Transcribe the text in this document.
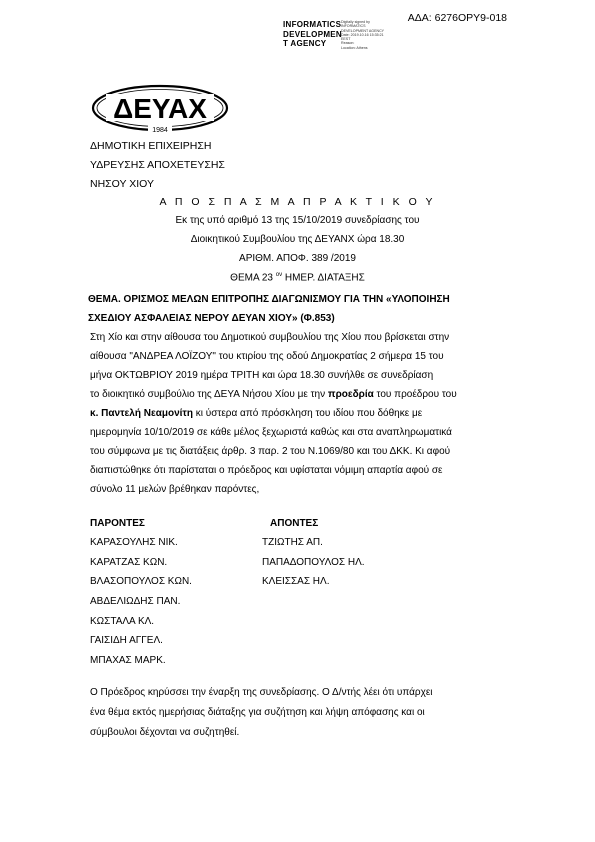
ΑΔΑ: 6276ΟΡΥ9-018
INFORMATICS
DEVELOPMEN
T AGENCY
Digitally signed by
INFORMATICS
DEVELOPMENT AGENCY
Date: 2019.10.16 15:35:21
EEST
Reason:
Location: Athens
ΔΕΥΑΧ
1984
ΔΗΜΟΤΙΚΗ ΕΠΙΧΕΙΡΗΣΗ
ΥΔΡΕΥΣΗΣ ΑΠΟΧΕΤΕΥΣΗΣ
ΝΗΣΟΥ ΧΙΟΥ
Α Π Ο Σ Π Α Σ Μ Α Π Ρ Α Κ Τ Ι Κ Ο Υ
Εκ της υπό αριθμό 13 της 15/10/2019 συνεδρίασης του
Διοικητικού Συμβουλίου της ΔΕΥΑΝΧ ώρα 18.30
ΑΡΙΘΜ. ΑΠΟΦ. 389 /2019
ΘΕΜΑ 23 $^{o\nu}$ ΗΜΕΡ. ΔΙΑΤΑΞΗΣ
ΘΕΜΑ. ΟΡΙΣΜΟΣ ΜΕΛΩΝ ΕΠΙΤΡΟΠΗΣ ΔΙΑΓΩΝΙΣΜΟΥ ΓΙΑ ΤΗΝ «ΥΛΟΠΟΙΗΣΗ
ΣΧΕΔΙΟΥ ΑΣΦΑΛΕΙΑΣ ΝΕΡΟΥ ΔΕΥΑΝ ΧΙΟΥ» (Φ.853)
Στη Χίο και στην αίθουσα του Δημοτικού συμβουλίου της Χίου που βρίσκεται στην
αίθουσα "ΑΝΔΡΕΑ ΛΟΪΖΟΥ" του κτιρίου της οδού Δημοκρατίας 2 σήμερα 15 του
μήνα ΟΚΤΩΒΡΙΟΥ 2019 ημέρα ΤΡΙΤΗ και ώρα 18.30 συνήλθε σε συνεδρίαση
το διοικητικό συμβούλιο της ΔΕΥΑ Νήσου Χίου με την προεδρία του προέδρου του
κ. Παντελή Νεαμονίτη κι ύστερα από πρόσκληση του ιδίου που δόθηκε με
ημερομηνία 10/10/2019 σε κάθε μέλος ξεχωριστά καθώς και στα αναπληρωματικά
του σύμφωνα με τις διατάξεις άρθρ. 3 παρ. 2 του Ν.1069/80 και του ΔΚΚ. Κι αφού
διαπιστώθηκε ότι παρίσταται ο πρόεδρος και υφίσταται νόμιμη απαρτία αφού σε
σύνολο 11 μελών βρέθηκαν παρόντες,
ΠΑΡΟΝΤΕΣ	ΑΠΟΝΤΕΣ
ΚΑΡΑΣΟΥΛΗΣ ΝΙΚ.
ΚΑΡΑΤΖΑΣ ΚΩΝ.
ΒΛΑΣΟΠΟΥΛΟΣ ΚΩΝ.
ΑΒΔΕΛΙΩΔΗΣ ΠΑΝ.
ΚΩΣΤΑΛΑ ΚΛ.
ΓΑΙΣΙΔΗ ΑΓΓΕΛ.
ΜΠΑΧΑΣ ΜΑΡΚ.
ΤΖΙΩΤΗΣ ΑΠ.
ΠΑΠΑΔΟΠΟΥΛΟΣ ΗΛ.
ΚΛΕΙΣΣΑΣ ΗΛ.
Ο Πρόεδρος κηρύσσει την έναρξη της συνεδρίασης. Ο Δ/ντής λέει ότι υπάρχει
ένα θέμα εκτός ημερήσιας διάταξης για συζήτηση και λήψη απόφασης και οι
σύμβουλοι δέχονται να συζητηθεί.
